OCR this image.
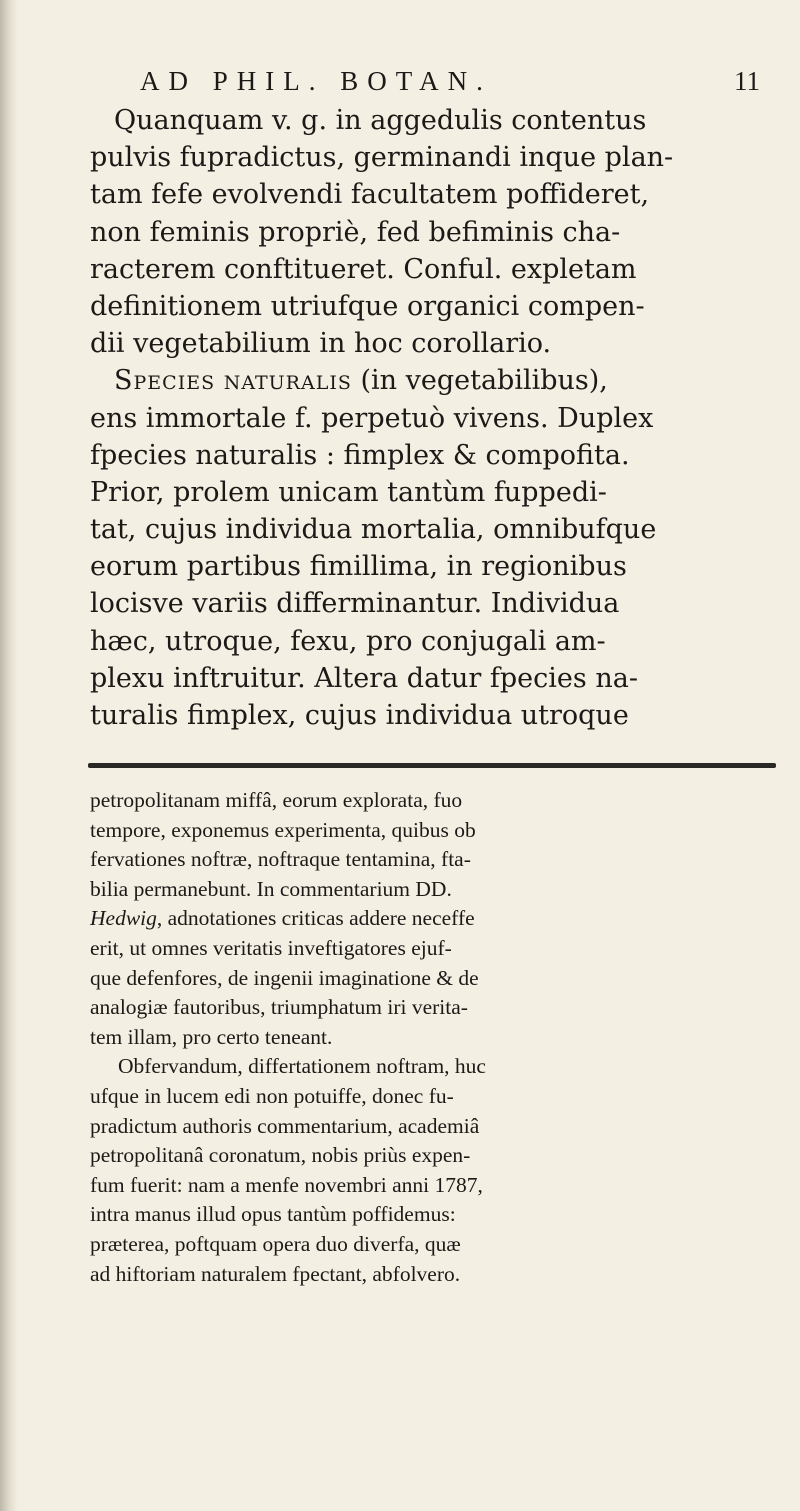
AD PHIL. BOTAN.	11
Quanquam v. g. in aggedulis contentus
pulvis fupradictus, germinandi inque plan-
tam fefe evolvendi facultatem poffideret,
non feminis propriè, fed befiminis cha-
racterem conftitueret. Conful. expletam
definitionem utriufque organici compen-
dii vegetabilium in hoc corollario.
Species naturalis (in vegetabilibus),
ens immortale f. perpetuò vivens. Duplex
fpecies naturalis : fimplex & compofita.
Prior, prolem unicam tantùm fuppedi-
tat, cujus individua mortalia, omnibufque
eorum partibus fimillima, in regionibus
locisve variis differminantur. Individua
hæc, utroque, fexu, pro conjugali am-
plexu inftruitur. Altera datur fpecies na-
turalis fimplex, cujus individua utroque
petropolitanam miffâ, eorum explorata, fuo
tempore, exponemus experimenta, quibus ob
fervationes noftræ, noftraque tentamina, fta-
bilia permanebunt. In commentarium DD.
Hedwig, adnotationes criticas addere neceffe
erit, ut omnes veritatis inveftigatores ejuf-
que defenfores, de ingenii imaginatione & de
analogiæ fautoribus, triumphatum iri verita-
tem illam, pro certo teneant.
Obfervandum, differtationem noftram, huc
ufque in lucem edi non potuiffe, donec fu-
pradictum authoris commentarium, academiâ
petropolitanâ coronatum, nobis priùs expen-
fum fuerit: nam a menfe novembri anni 1787,
intra manus illud opus tantùm poffidemus:
præterea, poftquam opera duo diverfa, quæ
ad hiftoriam naturalem fpectant, abfolvero.
